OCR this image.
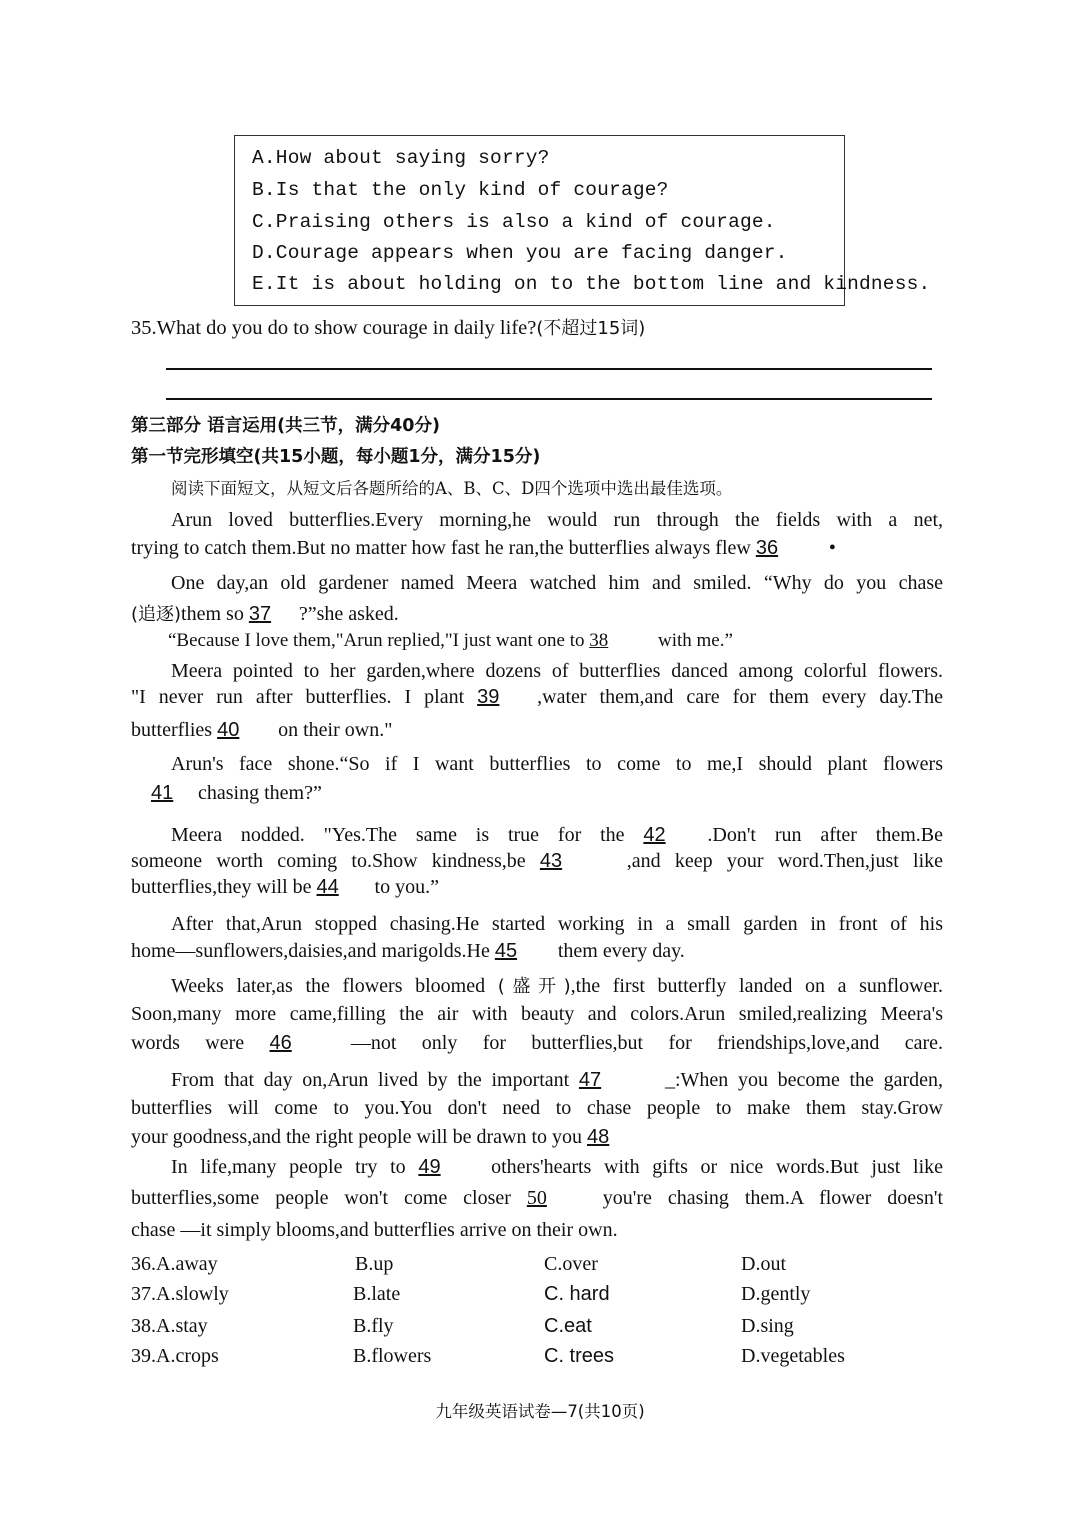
A.How about saying sorry?
B.Is that the only kind of courage?
C.Praising others is also a kind of courage.
D.Courage appears when you are facing danger.
E.It is about holding on to the bottom line and kindness.
35.What do you do to show courage in daily life?(不超过15词)
第三部分 语言运用(共三节，满分40分)
第一节完形填空(共15小题，每小题1分，满分15分)
阅读下面短文，从短文后各题所给的A、B、C、D四个选项中选出最佳选项。
Arun loved butterflies.Every morning,he would run through the fields with a net,
trying to catch them.But no matter how fast he ran,the butterflies always flew 36 •
One day,an old gardener named Meera watched him and smiled. “Why do you chase
(追逐)them so 37 ?”she asked.
“Because I love them,"Arun replied,"I just want one to 38	with me.”
Meera pointed to her garden,where dozens of butterflies danced among colorful flowers.
"I never run after butterflies. I plant 39 ,water them,and care for them every day.The
butterflies 40 on their own."
Arun's face shone.“So if I want butterflies to come to me,I should plant flowers
41 chasing them?”
Meera nodded. "Yes.The same is true for the 42 .Don't run after them.Be
someone worth coming to.Show kindness,be 43	,and keep your word.Then,just like
butterflies,they will be 44 to you.”
After that,Arun stopped chasing.He started working in a small garden in front of his
home—sunflowers,daisies,and marigolds.He 45 them every day.
Weeks later,as the flowers bloomed (盛开),the first butterfly landed on a sunflower.
Soon,many more came,filling the air with beauty and colors.Arun smiled,realizing Meera's
words were 46	—not only for butterflies,but for friendships,love,and care.
From that day on,Arun lived by the important 47	_:When you become the garden,
butterflies will come to you.You don't need to chase people to make them stay.Grow
your goodness,and the right people will be drawn to you 48
In life,many people try to 49	others'hearts with gifts or nice words.But just like
butterflies,some people won't come closer 50	you're chasing them.A flower doesn't
chase —it simply blooms,and butterflies arrive on their own.
36.A.away	B.up	C.over	D.out
37.A.slowly	B.late	C. hard	D.gently
38.A.stay	B.fly	C.eat	D.sing
39.A.crops	B.flowers	C. trees	D.vegetables
九年级英语试卷—7(共10页)
